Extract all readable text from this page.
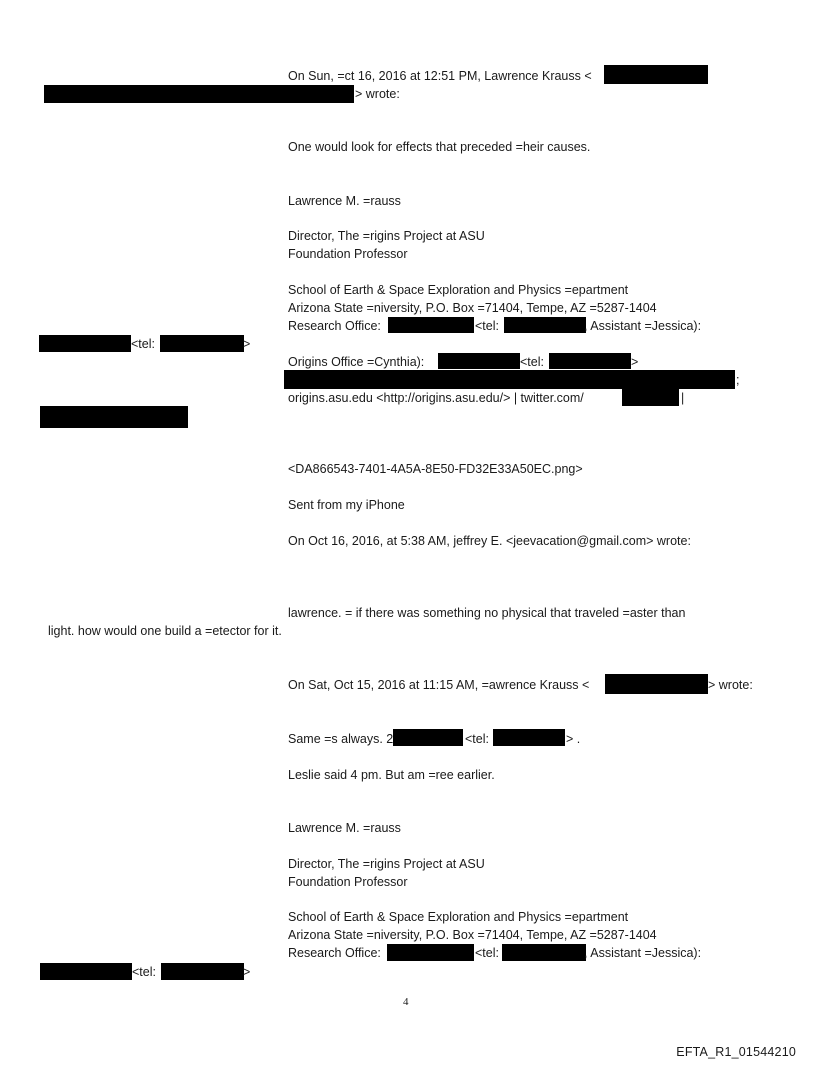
On Sun, =ct 16, 2016 at 12:51 PM, Lawrence Krauss <
> wrote:
One would look for effects that preceded =heir causes.
Lawrence M. =rauss
Director, The =rigins Project at ASU
Foundation Professor
School of Earth & Space Exploration and Physics =epartment
Arizona State =niversity, P.O. Box =71404, Tempe, AZ =5287-1404
Research Office:	<tel:	, Assistant =Jessica):
<tel:	>
Origins Office =Cynthia):	<tel:	>
;
origins.asu.edu <http://origins.asu.edu/> | twitter.com/	|
<DA866543-7401-4A5A-8E50-FD32E33A50EC.png>
Sent from my iPhone
On Oct 16, 2016, at 5:38 AM, jeffrey E. <jeevacation@gmail.com> wrote:
lawrence. = if there was something no physical that traveled =aster than
light. how would one build a =etector for it.
On Sat, Oct 15, 2016 at 11:15 AM, =awrence Krauss <	> wrote:
Same =s always. 2	<tel:	> .
Leslie said 4 pm. But am =ree earlier.
Lawrence M. =rauss
Director, The =rigins Project at ASU
Foundation Professor
School of Earth & Space Exploration and Physics =epartment
Arizona State =niversity, P.O. Box =71404, Tempe, AZ =5287-1404
Research Office:	<tel:	, Assistant =Jessica):
<tel:	>
4
EFTA_R1_01544210
